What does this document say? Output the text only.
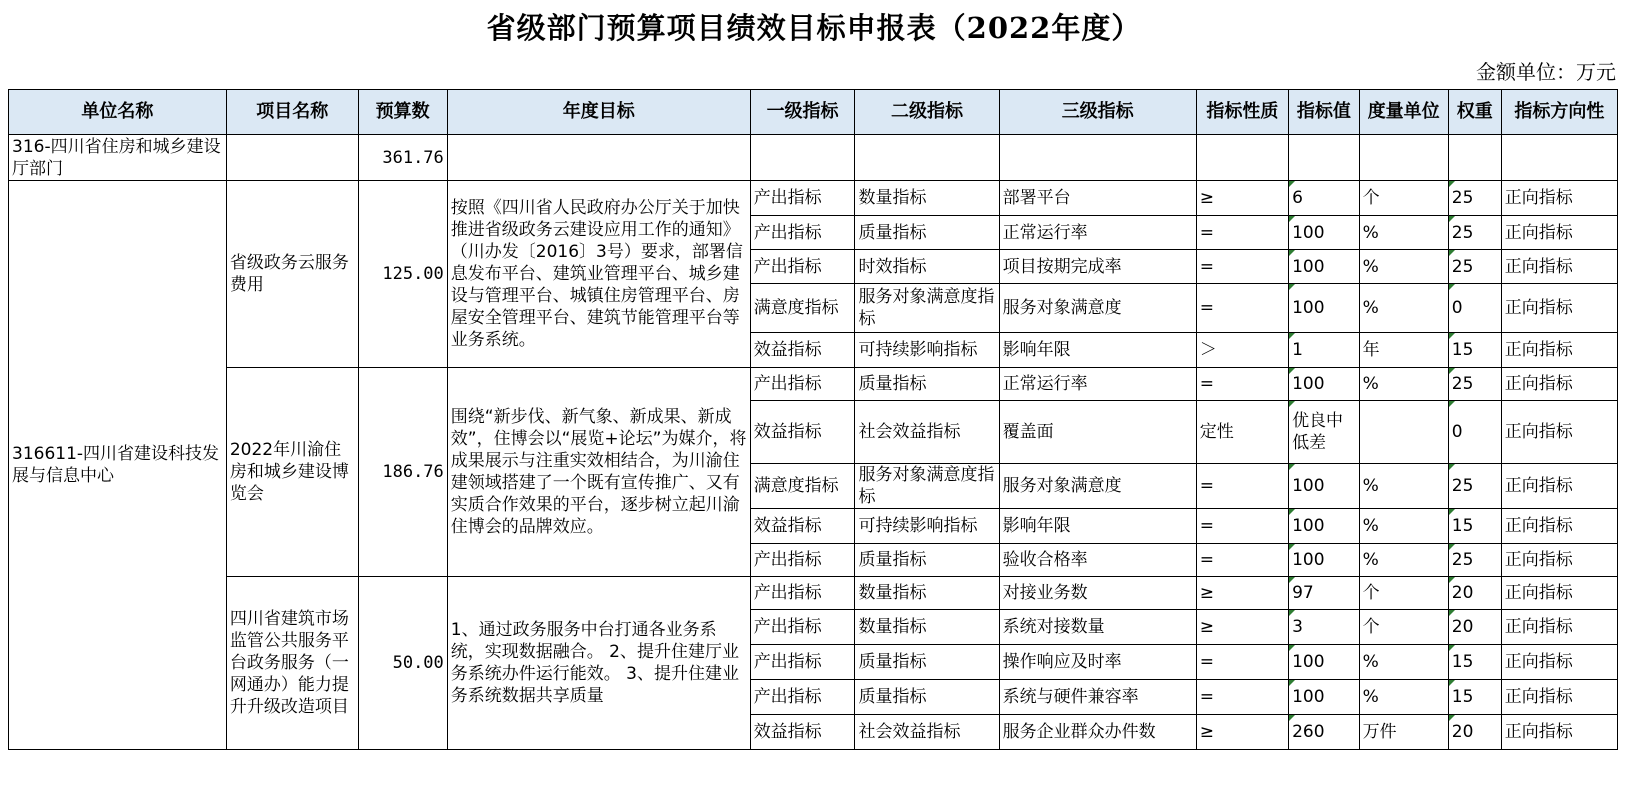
省级部门预算项目绩效目标申报表（2022年度）
金额单位：万元
单位名称	项目名称	预算数	年度目标	一级指标	二级指标	三级指标	指标性质	指标值	度量单位	权重	指标方向性
316-四川省住房和城乡建设厅部门		361.76									
316611-四川省建设科技发展与信息中心	省级政务云服务费用	125.00	按照《四川省人民政府办公厅关于加快推进省级政务云建设应用工作的通知》（川办发〔2016〕3号）要求，部署信息发布平台、建筑业管理平台、城乡建设与管理平台、城镇住房管理平台、房屋安全管理平台、建筑节能管理平台等业务系统。	产出指标	数量指标	部署平台	≥	6	个	25	正向指标
				产出指标	质量指标	正常运行率	=	100	%	25	正向指标
				产出指标	时效指标	项目按期完成率	=	100	%	25	正向指标
				满意度指标	服务对象满意度指标	服务对象满意度	=	100	%	0	正向指标
				效益指标	可持续影响指标	影响年限	＞	1	年	15	正向指标
	2022年川渝住房和城乡建设博览会	186.76	围绕“新步伐、新气象、新成果、新成效”，住博会以“展览+论坛”为媒介，将成果展示与注重实效相结合，为川渝住建领域搭建了一个既有宣传推广、又有实质合作效果的平台，逐步树立起川渝住博会的品牌效应。	产出指标	质量指标	正常运行率	=	100	%	25	正向指标
				效益指标	社会效益指标	覆盖面	定性	优良中低差		0	正向指标
				满意度指标	服务对象满意度指标	服务对象满意度	=	100	%	25	正向指标
				效益指标	可持续影响指标	影响年限	=	100	%	15	正向指标
				产出指标	质量指标	验收合格率	=	100	%	25	正向指标
	四川省建筑市场监管公共服务平台政务服务（一网通办）能力提升升级改造项目	50.00	1、通过政务服务中台打通各业务系统，实现数据融合。 2、提升住建厅业务系统办件运行能效。 3、提升住建业务系统数据共享质量	产出指标	数量指标	对接业务数	≥	97	个	20	正向指标
				产出指标	数量指标	系统对接数量	≥	3	个	20	正向指标
				产出指标	质量指标	操作响应及时率	=	100	%	15	正向指标
				产出指标	质量指标	系统与硬件兼容率	=	100	%	15	正向指标
				效益指标	社会效益指标	服务企业群众办件数	≥	260	万件	20	正向指标
